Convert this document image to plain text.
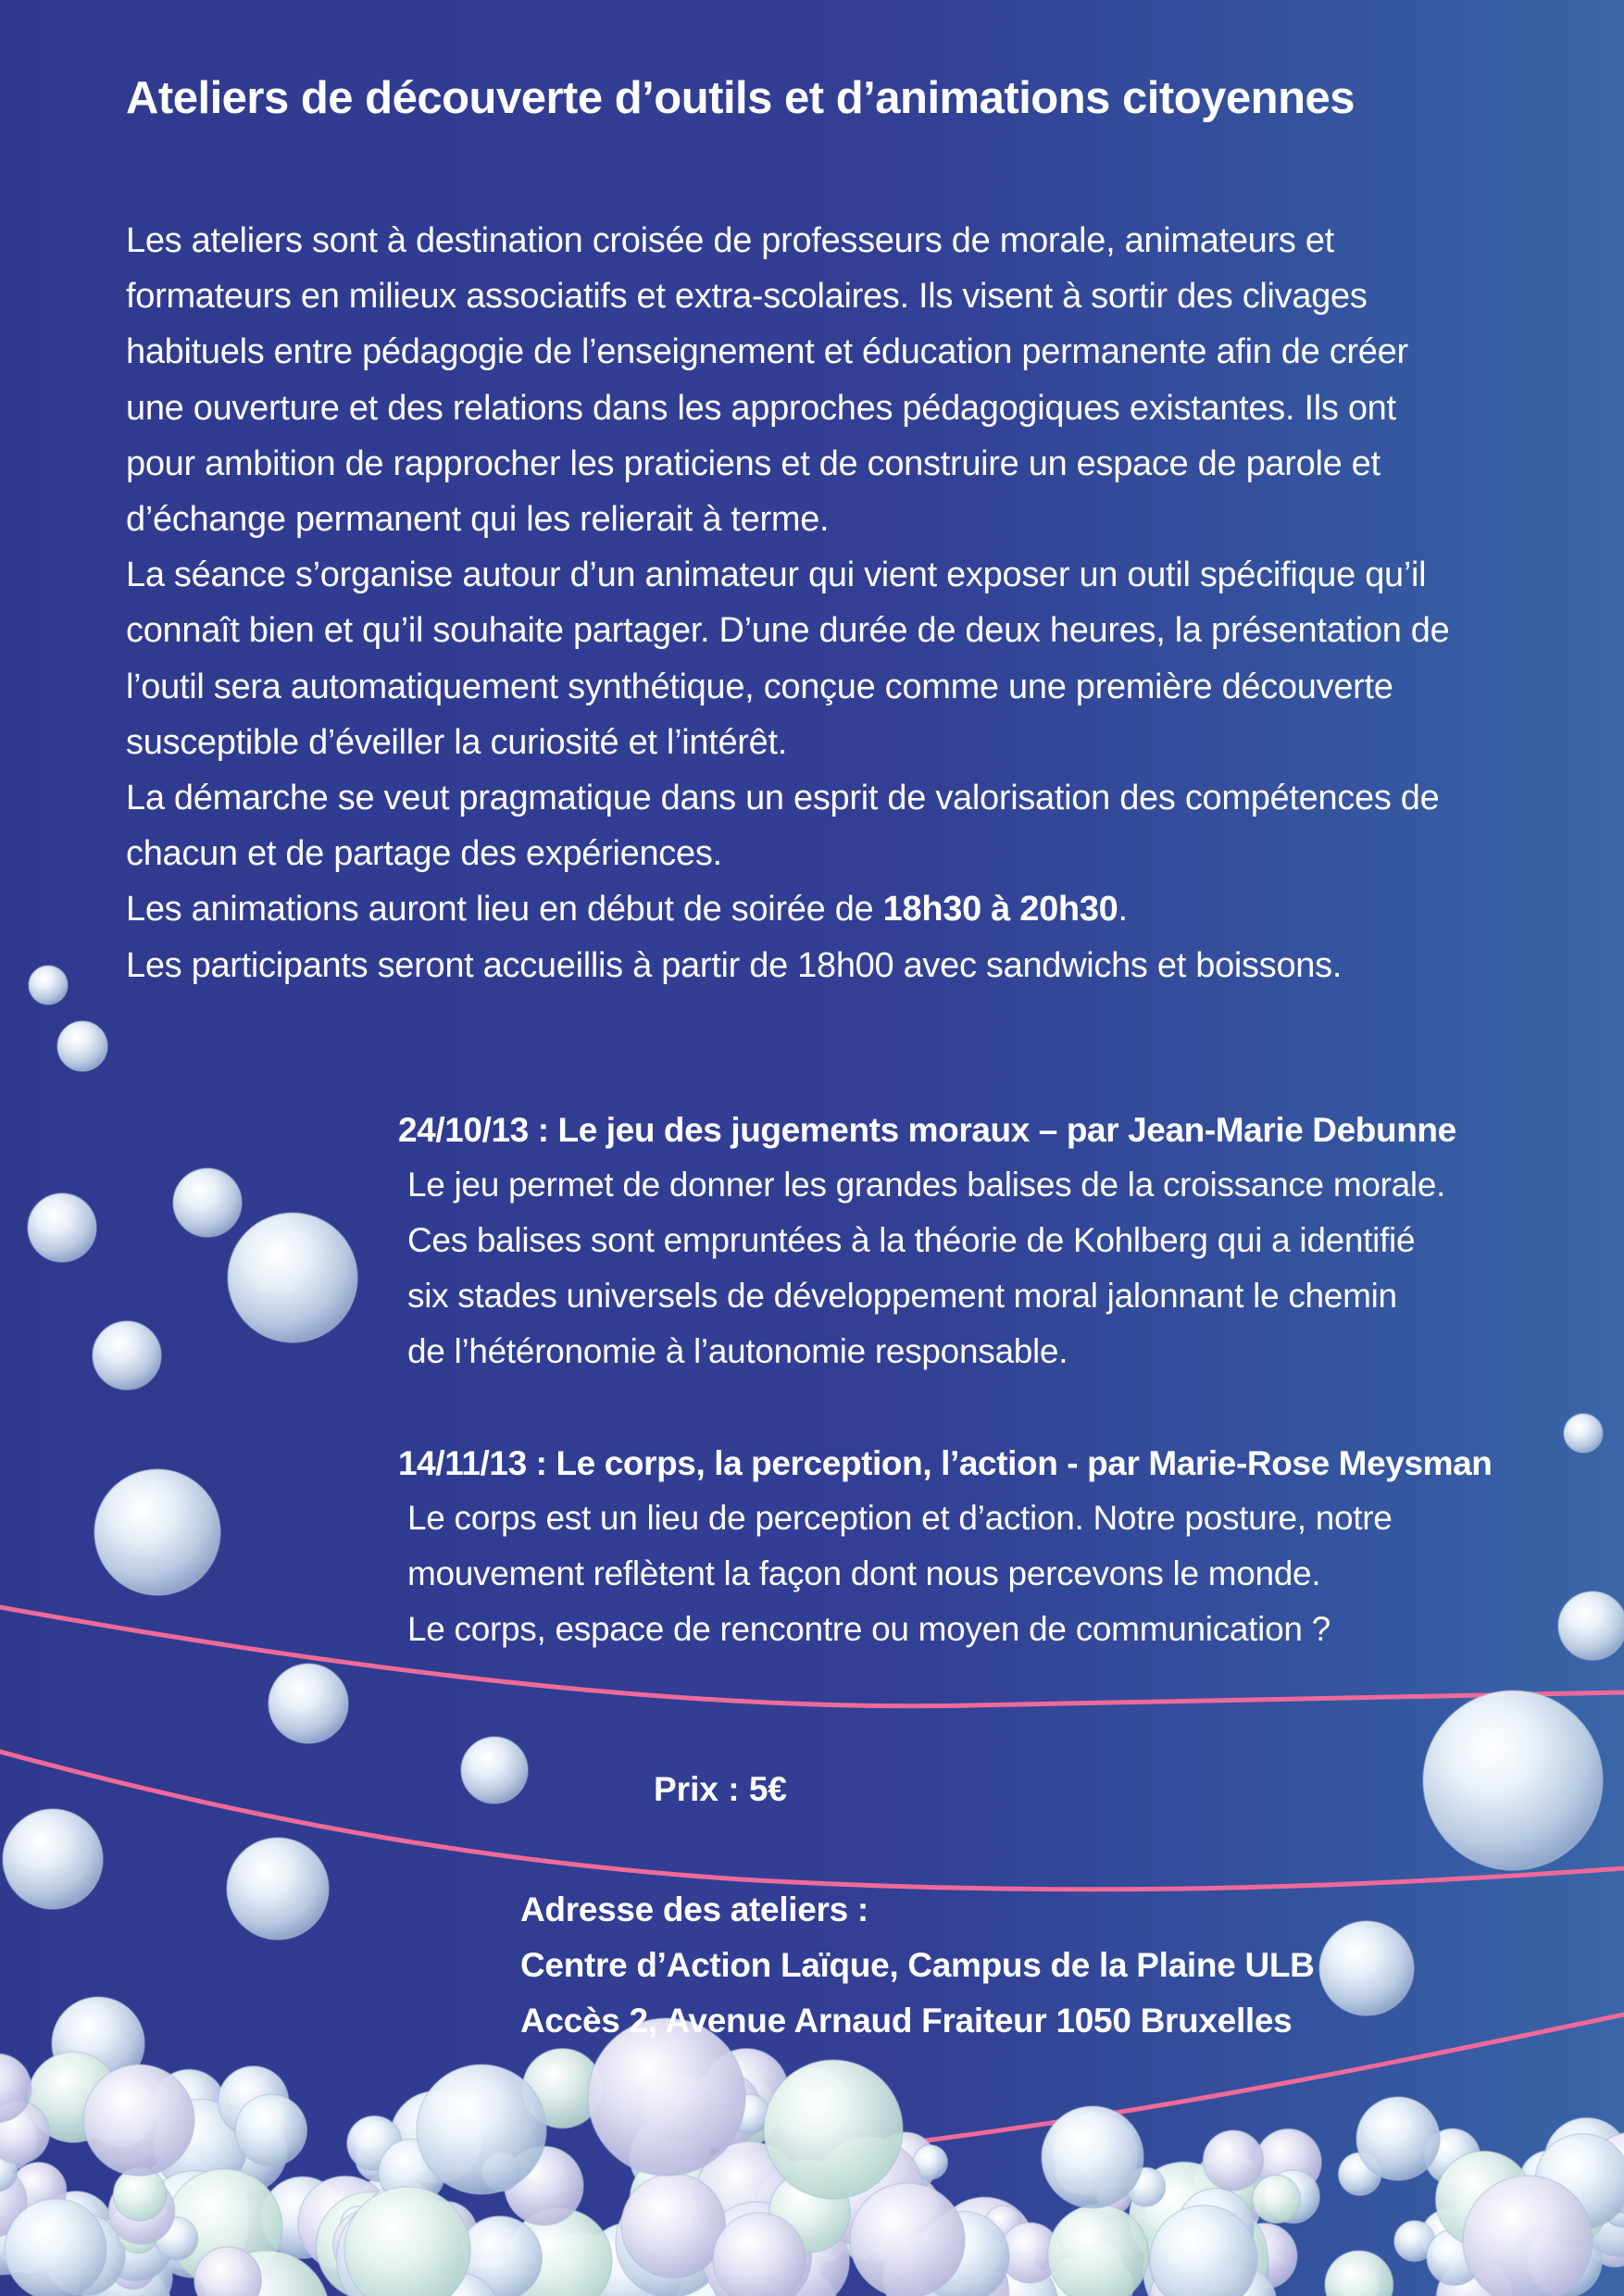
Ateliers de découverte d’outils et d’animations citoyennes

Les ateliers sont à destination croisée de professeurs de morale, animateurs et

formateurs en milieux associatifs et extra-scolaires. Ils visent à sortir des clivages

habituels entre pédagogie de l’enseignement et éducation permanente afin de créer

une ouverture et des relations dans les approches pédagogiques existantes. Ils ont

pour ambition de rapprocher les praticiens et de construire un espace de parole et

d’échange permanent qui les relierait à terme.

La séance s’organise autour d’un animateur qui vient exposer un outil spécifique qu’il

connaît bien et qu’il souhaite partager. D’une durée de deux heures, la présentation de

l’outil sera automatiquement synthétique, conçue comme une première découverte

susceptible d’éveiller la curiosité et l’intérêt.

La démarche se veut pragmatique dans un esprit de valorisation des compétences de

chacun et de partage des expériences.

Les animations auront lieu en début de soirée de 18h30 à 20h30.

Les participants seront accueillis à partir de 18h00 avec sandwichs et boissons.

24/10/13 : Le jeu des jugements moraux – par Jean-Marie Debunne

Le jeu permet de donner les grandes balises de la croissance morale.

Ces balises sont empruntées à la théorie de Kohlberg qui a identifié

six stades universels de développement moral jalonnant le chemin

de l’hétéronomie à l’autonomie responsable.

14/11/13 : Le corps, la perception, l’action - par Marie-Rose Meysman

Le corps est un lieu de perception et d’action. Notre posture, notre

mouvement reflètent la façon dont nous percevons le monde.

Le corps, espace de rencontre ou moyen de communication ?

Prix : 5€

Adresse des ateliers :

Centre d’Action Laïque, Campus de la Plaine ULB

Accès 2, Avenue Arnaud Fraiteur 1050 Bruxelles
